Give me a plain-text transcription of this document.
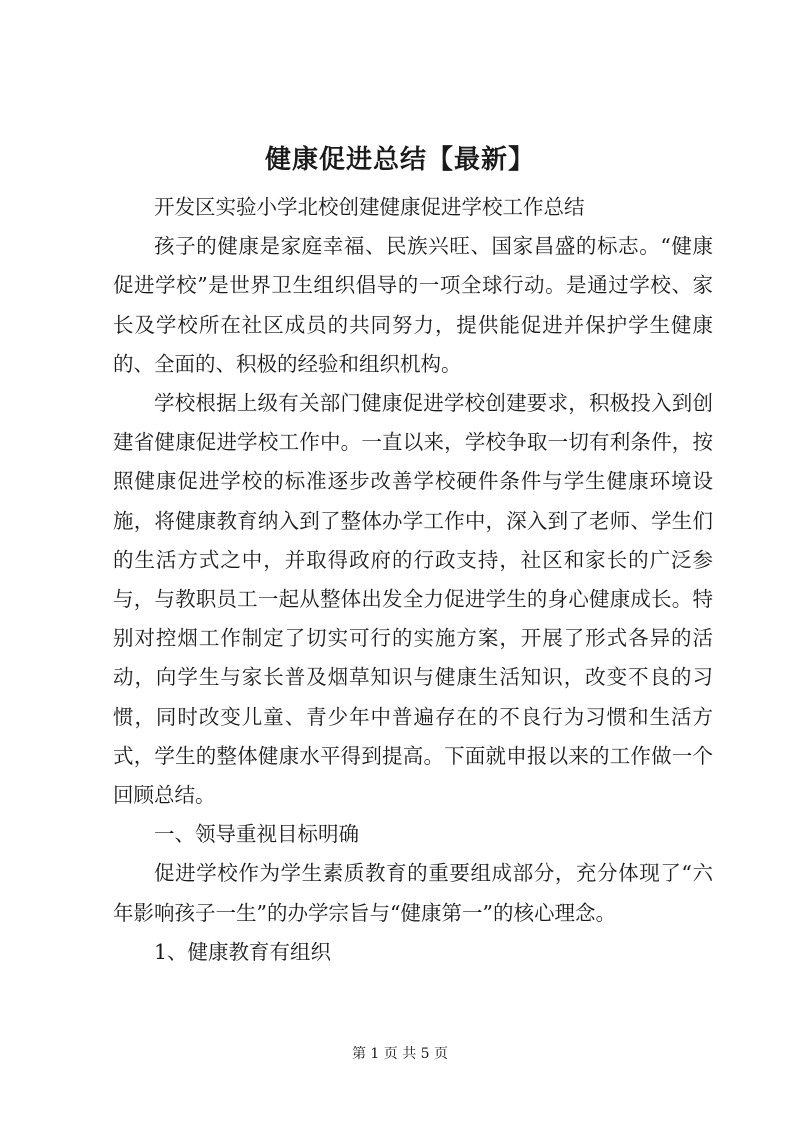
健康促进总结【最新】

开发区实验小学北校创建健康促进学校工作总结

孩子的健康是家庭幸福、民族兴旺、国家昌盛的标志。“健康促进学校”是世界卫生组织倡导的一项全球行动。是通过学校、家长及学校所在社区成员的共同努力，提供能促进并保护学生健康的、全面的、积极的经验和组织机构。

学校根据上级有关部门健康促进学校创建要求，积极投入到创建省健康促进学校工作中。一直以来，学校争取一切有利条件，按照健康促进学校的标准逐步改善学校硬件条件与学生健康环境设施，将健康教育纳入到了整体办学工作中，深入到了老师、学生们的生活方式之中，并取得政府的行政支持，社区和家长的广泛参与，与教职员工一起从整体出发全力促进学生的身心健康成长。特别对控烟工作制定了切实可行的实施方案，开展了形式各异的活动，向学生与家长普及烟草知识与健康生活知识，改变不良的习惯，同时改变儿童、青少年中普遍存在的不良行为习惯和生活方式，学生的整体健康水平得到提高。下面就申报以来的工作做一个回顾总结。

一、领导重视目标明确

促进学校作为学生素质教育的重要组成部分，充分体现了“六年影响孩子一生”的办学宗旨与“健康第一”的核心理念。

1、健康教育有组织

第 1 页 共 5 页
